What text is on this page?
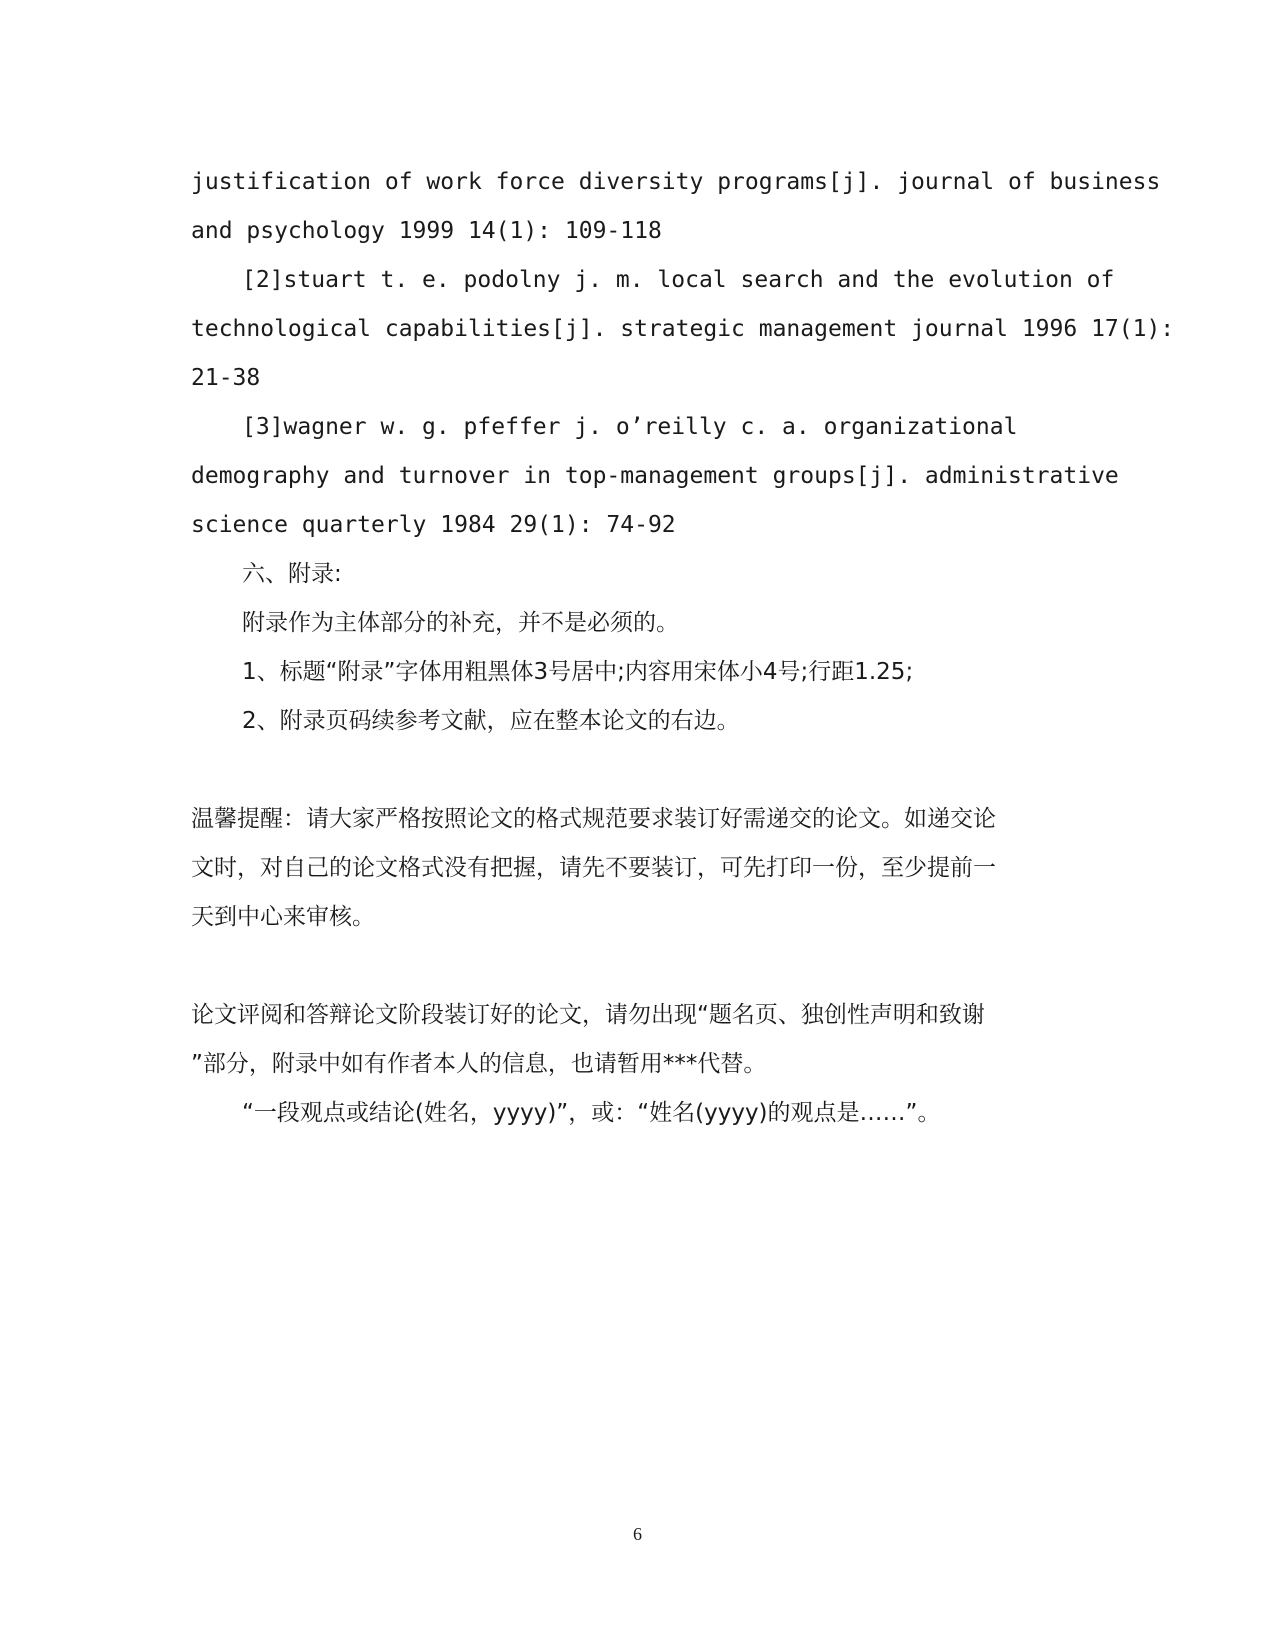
justification of work force diversity programs[j]. journal of business
and psychology 1999 14(1): 109-118
[2]stuart t. e. podolny j. m. local search and the evolution of
technological capabilities[j]. strategic management journal 1996 17(1):
21-38
[3]wagner w. g. pfeffer j. o’reilly c. a. organizational
demography and turnover in top-management groups[j]. administrative
science quarterly 1984 29(1): 74-92
六、附录:
附录作为主体部分的补充，并不是必须的。
1、标题“附录”字体用粗黑体3号居中;内容用宋体小4号;行距1.25;
2、附录页码续参考文献，应在整本论文的右边。
温馨提醒：请大家严格按照论文的格式规范要求装订好需递交的论文。如递交论
文时，对自己的论文格式没有把握，请先不要装订，可先打印一份，至少提前一
天到中心来审核。
论文评阅和答辩论文阶段装订好的论文，请勿出现“题名页、独创性声明和致谢
”部分，附录中如有作者本人的信息，也请暂用***代替。
“一段观点或结论(姓名，yyyy)”，或：“姓名(yyyy)的观点是……”。
6
